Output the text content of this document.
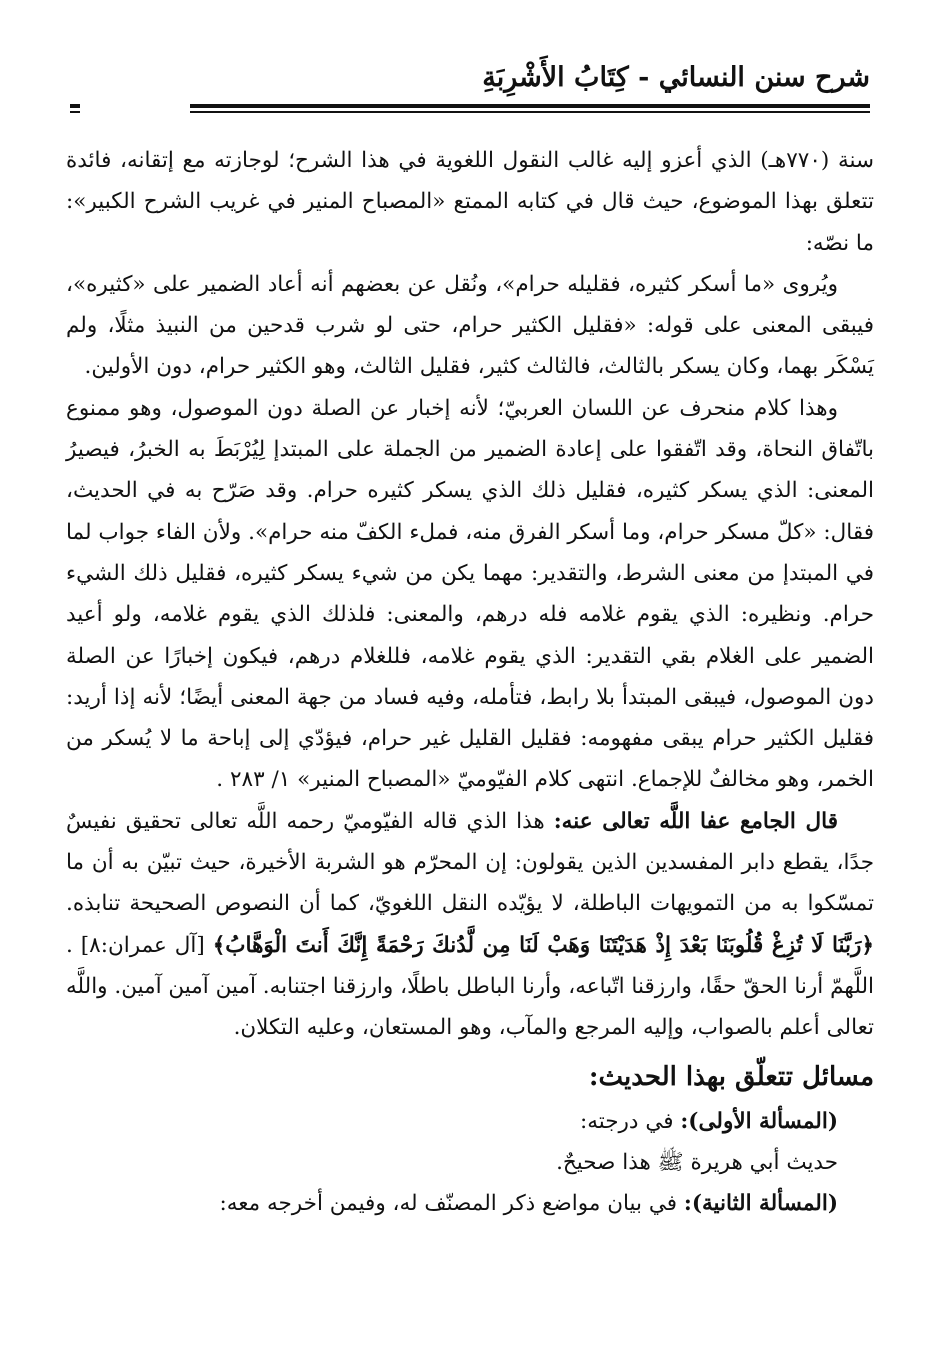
شرح سنن النسائي - كِتَابُ الأَشْرِبَةِ

سنة (٧٧٠هـ) الذي أعزو إليه غالب النقول اللغوية في هذا الشرح؛ لوجازته مع إتقانه، فائدة تتعلق بهذا الموضوع، حيث قال في كتابه الممتع «المصباح المنير في غريب الشرح الكبير»: ما نصّه:

ويُروى «ما أسكر كثيره، فقليله حرام»، ونُقل عن بعضهم أنه أعاد الضمير على «كثيره»، فيبقى المعنى على قوله: «فقليل الكثير حرام، حتى لو شرب قدحين من النبيذ مثلًا، ولم يَسْكَر بهما، وكان يسكر بالثالث، فالثالث كثير، فقليل الثالث، وهو الكثير حرام، دون الأولين.

وهذا كلام منحرف عن اللسان العربيّ؛ لأنه إخبار عن الصلة دون الموصول، وهو ممنوع باتّفاق النحاة، وقد اتّفقوا على إعادة الضمير من الجملة على المبتدإ لِيُرْبَطَ به الخبرُ، فيصيرُ المعنى: الذي يسكر كثيره، فقليل ذلك الذي يسكر كثيره حرام. وقد صَرّح به في الحديث، فقال: «كلّ مسكر حرام، وما أسكر الفرق منه، فملء الكفّ منه حرام». ولأن الفاء جواب لما في المبتدإ من معنى الشرط، والتقدير: مهما يكن من شيء يسكر كثيره، فقليل ذلك الشيء حرام. ونظيره: الذي يقوم غلامه فله درهم، والمعنى: فلذلك الذي يقوم غلامه، ولو أعيد الضمير على الغلام بقي التقدير: الذي يقوم غلامه، فللغلام درهم، فيكون إخبارًا عن الصلة دون الموصول، فيبقى المبتدأ بلا رابط، فتأمله، وفيه فساد من جهة المعنى أيضًا؛ لأنه إذا أريد: فقليل الكثير حرام يبقى مفهومه: فقليل القليل غير حرام، فيؤدّي إلى إباحة ما لا يُسكر من الخمر، وهو مخالفٌ للإجماع. انتهى كلام الفيّوميّ «المصباح المنير» ١/ ٢٨٣ .

قال الجامع عفا اللَّه تعالى عنه: هذا الذي قاله الفيّوميّ رحمه اللَّه تعالى تحقيق نفيسٌ جدًا، يقطع دابر المفسدين الذين يقولون: إن المحرّم هو الشربة الأخيرة، حيث تبيّن به أن ما تمسّكوا به من التمويهات الباطلة، لا يؤيّده النقل اللغويّ، كما أن النصوص الصحيحة تنابذه. ﴿رَبَّنَا لَا تُزِغْ قُلُوبَنَا بَعْدَ إِذْ هَدَيْتَنَا وَهَبْ لَنَا مِن لَّدُنكَ رَحْمَةً إِنَّكَ أَنتَ الْوَهَّابُ﴾ [آل عمران:٨] . اللَّهمّ أرنا الحقّ حقًا، وارزقنا اتّباعه، وأرنا الباطل باطلًا، وارزقنا اجتنابه. آمين آمين آمين. واللَّه تعالى أعلم بالصواب، وإليه المرجع والمآب، وهو المستعان، وعليه التكلان.

مسائل تتعلّق بهذا الحديث:

(المسألة الأولى): في درجته:

حديث أبي هريرة ﷺ هذا صحيحٌ.

(المسألة الثانية): في بيان مواضع ذكر المصنّف له، وفيمن أخرجه معه:
